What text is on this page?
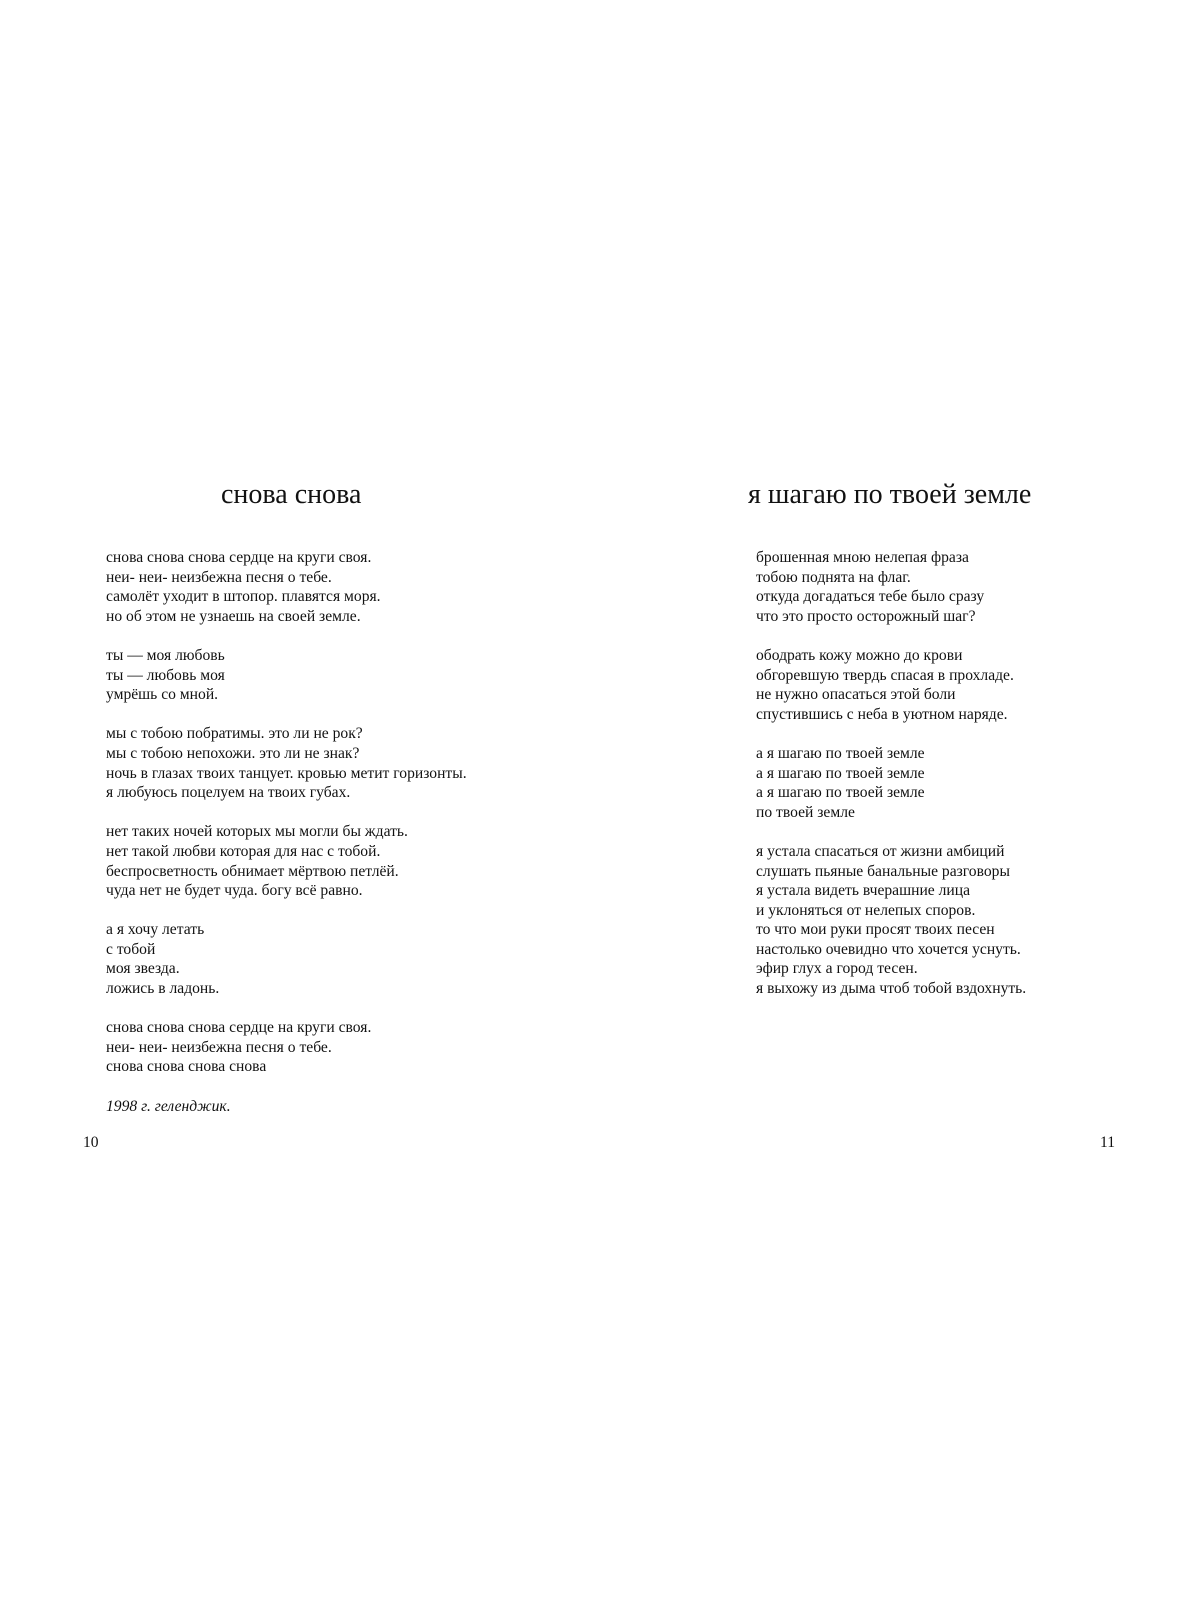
снова снова
снова снова снова сердце на круги своя.
неи- неи- неизбежна песня о тебе.
самолёт уходит в штопор. плавятся моря.
но об этом не узнаешь на своей земле.
ты — моя любовь
ты — любовь моя
умрёшь со мной.
мы с тобою побратимы. это ли не рок?
мы с тобою непохожи. это ли не знак?
ночь в глазах твоих танцует. кровью метит горизонты.
я любуюсь поцелуем на твоих губах.
нет таких ночей которых мы могли бы ждать.
нет такой любви которая для нас с тобой.
беспросветность обнимает мёртвою петлёй.
чуда нет не будет чуда. богу всё равно.
а я хочу летать
с тобой
моя звезда.
ложись в ладонь.
снова снова снова сердце на круги своя.
неи- неи- неизбежна песня о тебе.
снова снова снова снова
1998 г. геленджик.
10
я шагаю по твоей земле
брошенная мною нелепая фраза
тобою поднята на флаг.
откуда догадаться тебе было сразу
что это просто осторожный шаг?
ободрать кожу можно до крови
обгоревшую твердь спасая в прохладе.
не нужно опасаться этой боли
спустившись с неба в уютном наряде.
а я шагаю по твоей земле
а я шагаю по твоей земле
а я шагаю по твоей земле
по твоей земле
я устала спасаться от жизни амбиций
слушать пьяные банальные разговоры
я устала видеть вчерашние лица
и уклоняться от нелепых споров.
то что мои руки просят твоих песен
настолько очевидно что хочется уснуть.
эфир глух а город тесен.
я выхожу из дыма чтоб тобой вздохнуть.
11
